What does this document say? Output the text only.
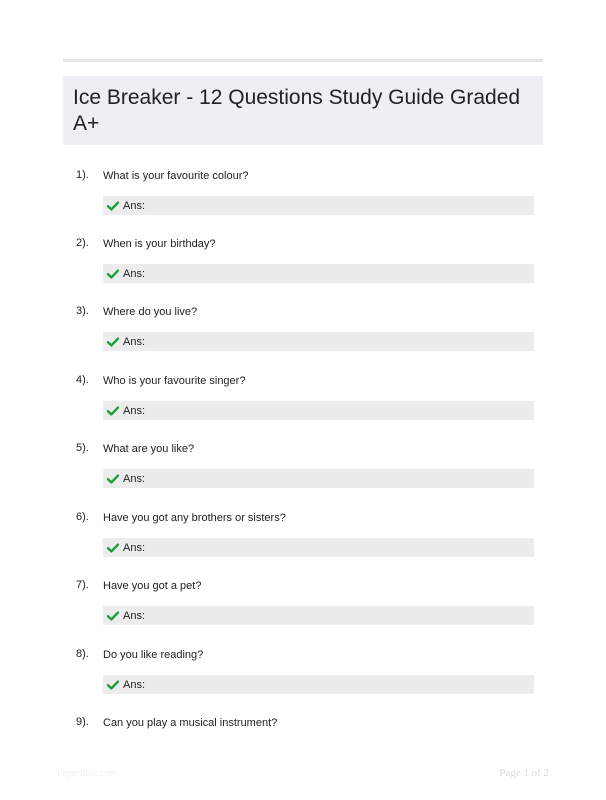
Ice Breaker - 12 Questions Study Guide Graded A+
1). What is your favourite colour?
Ans:
2). When is your birthday?
Ans:
3). Where do you live?
Ans:
4). Who is your favourite singer?
Ans:
5). What are you like?
Ans:
6). Have you got any brothers or sisters?
Ans:
7). Have you got a pet?
Ans:
8). Do you like reading?
Ans:
9). Can you play a musical instrument?
Paperlibic.com	Page 1 of 2
